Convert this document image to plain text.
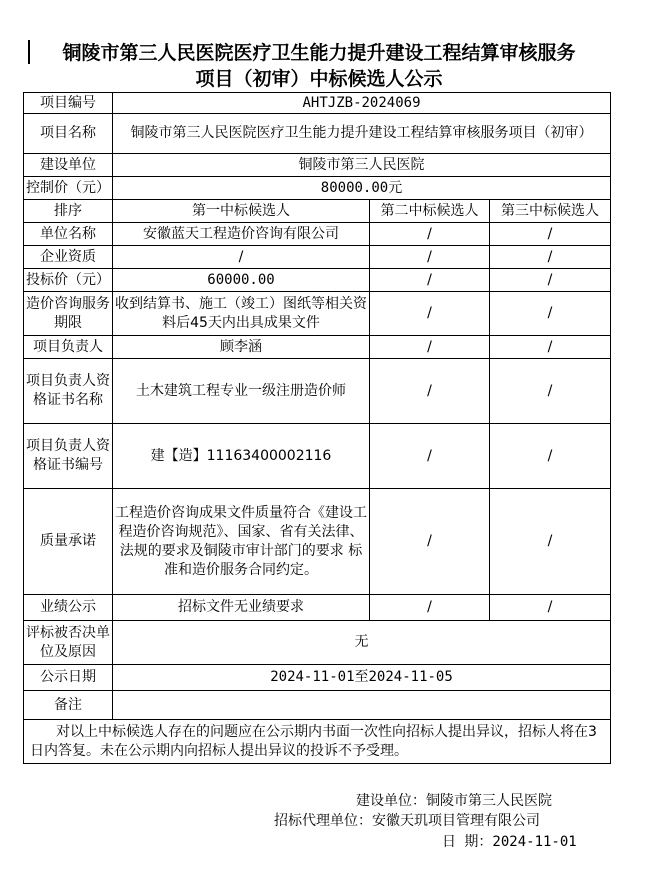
铜陵市第三人民医院医疗卫生能力提升建设工程结算审核服务
项目（初审）中标候选人公示
项目编号	AHTJZB-2024069		
项目名称	铜陵市第三人民医院医疗卫生能力提升建设工程结算审核服务项目（初审）		
建设单位	铜陵市第三人民医院		
控制价（元）	80000.00元		
排序	第一中标候选人	第二中标候选人	第三中标候选人
单位名称	安徽蓝天工程造价咨询有限公司	/	/
企业资质	/	/	/
投标价（元）	60000.00	/	/
造价咨询服务期限	收到结算书、施工（竣工）图纸等相关资料后45天内出具成果文件	/	/
项目负责人	顾李涵	/	/
项目负责人资格证书名称	土木建筑工程专业一级注册造价师	/	/
项目负责人资格证书编号	建【造】11163400002116	/	/
质量承诺	工程造价咨询成果文件质量符合《建设工程造价咨询规范》、国家、省有关法律、法规的要求及铜陵市审计部门的要求 标准和造价服务合同约定。	/	/
业绩公示	招标文件无业绩要求	/	/
评标被否决单位及原因	无		
公示日期	2024-11-01至2024-11-05		
备注			
对以上中标候选人存在的问题应在公示期内书面一次性向招标人提出异议，招标人将在3日内答复。未在公示期内向招标人提出异议的投诉不予受理。			
建设单位：铜陵市第三人民医院
招标代理单位：安徽天玑项目管理有限公司
日 期：2024-11-01
